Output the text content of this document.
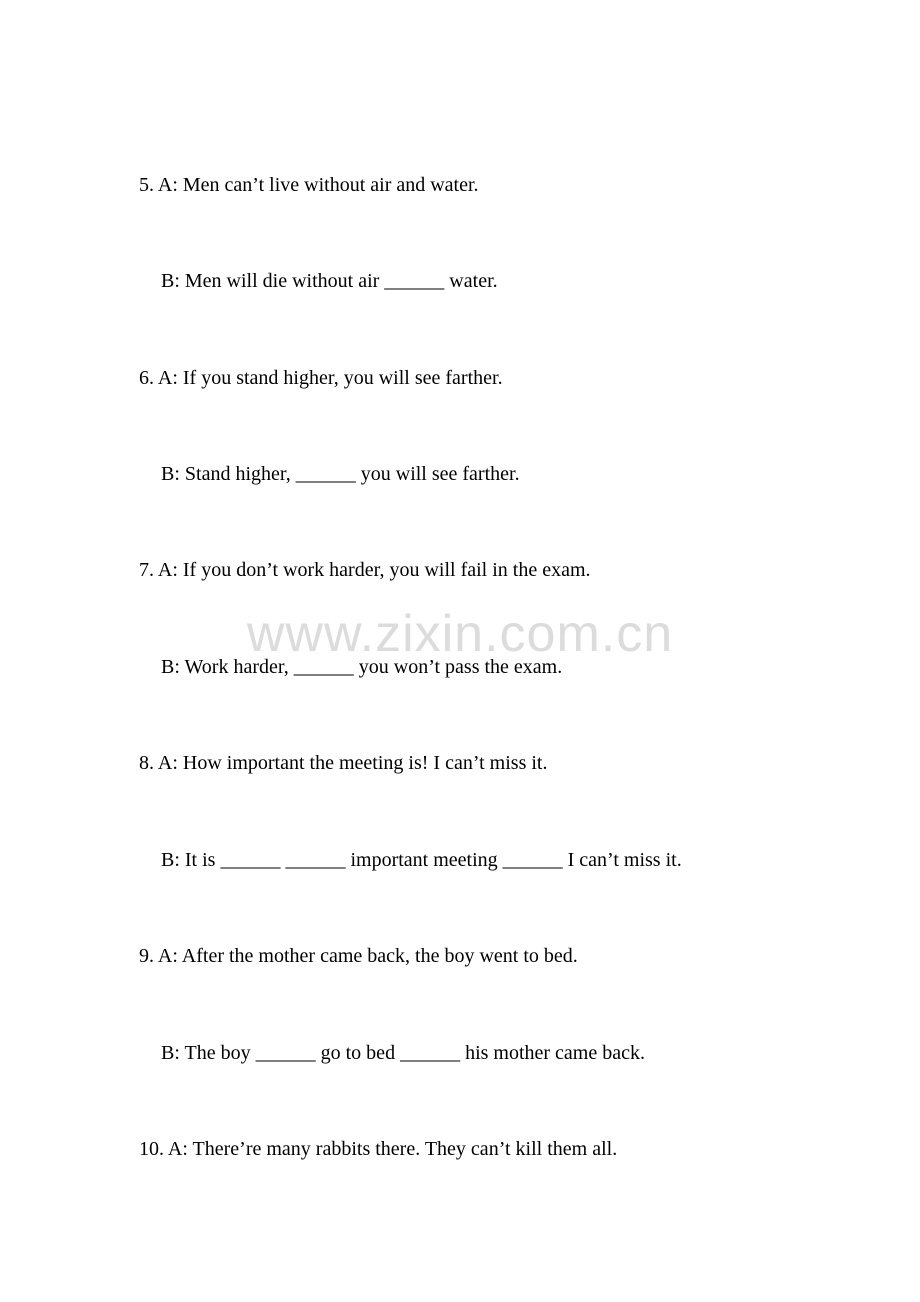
5. A: Men can’t live without air and water.

B: Men will die without air ______ water.

6. A: If you stand higher, you will see farther.

B: Stand higher, ______ you will see farther.

7. A: If you don’t work harder, you will fail in the exam.

B: Work harder, ______ you won’t pass the exam.

8. A: How important the meeting is! I can’t miss it.

B: It is ______ ______ important meeting ______ I can’t miss it.

9. A: After the mother came back, the boy went to bed.

B: The boy ______ go to bed ______ his mother came back.

10. A: There’re many rabbits there. They can’t kill them all.

www.zixin.com.cn
